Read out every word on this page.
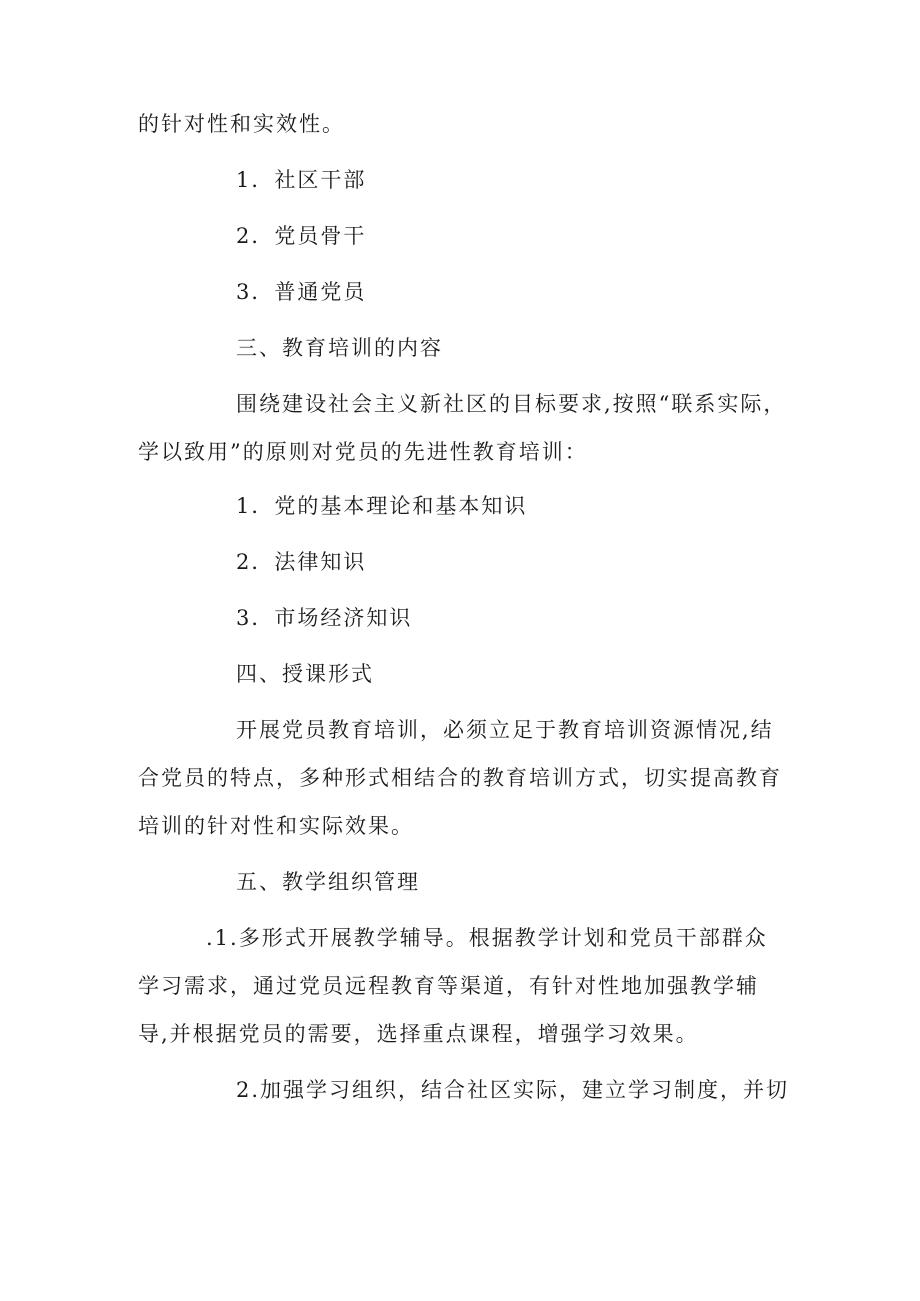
的针对性和实效性。
1．社区干部
2．党员骨干
3．普通党员
三、教育培训的内容
围绕建设社会主义新社区的目标要求,按照“联系实际，
学以致用”的原则对党员的先进性教育培训：
1．党的基本理论和基本知识
2．法律知识
3．市场经济知识
四、授课形式
开展党员教育培训，必须立足于教育培训资源情况,结
合党员的特点，多种形式相结合的教育培训方式，切实提高教育
培训的针对性和实际效果。
五、教学组织管理
.1.多形式开展教学辅导。根据教学计划和党员干部群众
学习需求，通过党员远程教育等渠道，有针对性地加强教学辅
导,并根据党员的需要，选择重点课程，增强学习效果。
2.加强学习组织，结合社区实际，建立学习制度，并切
